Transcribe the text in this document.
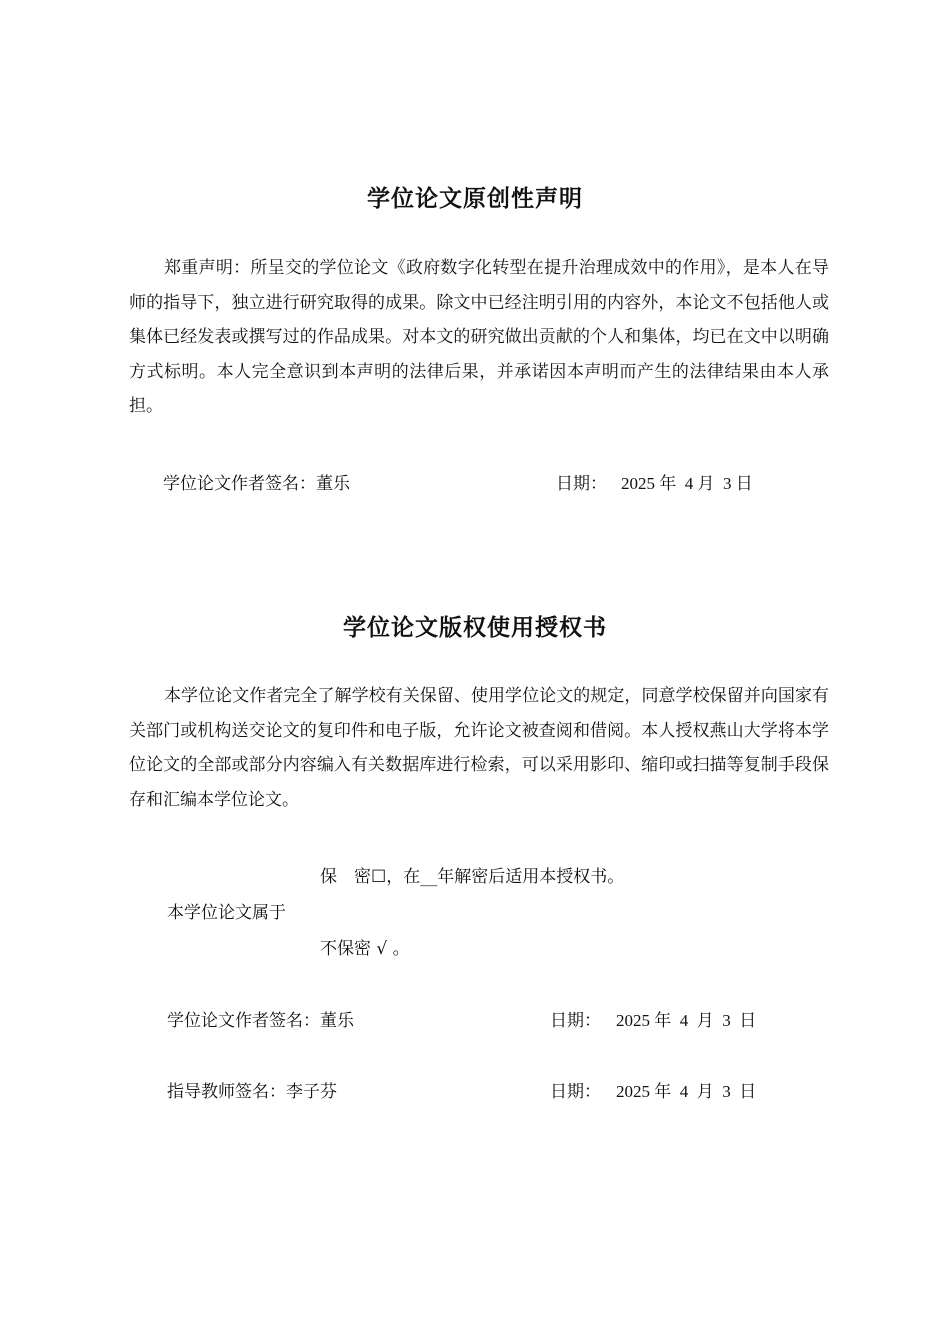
学位论文原创性声明
郑重声明：所呈交的学位论文《政府数字化转型在提升治理成效中的作用》，是本人在导师的指导下，独立进行研究取得的成果。除文中已经注明引用的内容外，本论文不包括他人或集体已经发表或撰写过的作品成果。对本文的研究做出贡献的个人和集体，均已在文中以明确方式标明。本人完全意识到本声明的法律后果，并承诺因本声明而产生的法律结果由本人承担。
学位论文作者签名：董乐	日期： 2025 年  4 月  3 日
学位论文版权使用授权书
本学位论文作者完全了解学校有关保留、使用学位论文的规定，同意学校保留并向国家有关部门或机构送交论文的复印件和电子版，允许论文被查阅和借阅。本人授权燕山大学将本学位论文的全部或部分内容编入有关数据库进行检索，可以采用影印、缩印或扫描等复制手段保存和汇编本学位论文。
保　密☐，在__年解密后适用本授权书。
本学位论文属于
不保密 √ 。
学位论文作者签名：董乐	日期： 2025 年  4  月  3  日
指导教师签名：李子芬	日期： 2025 年  4  月  3  日
